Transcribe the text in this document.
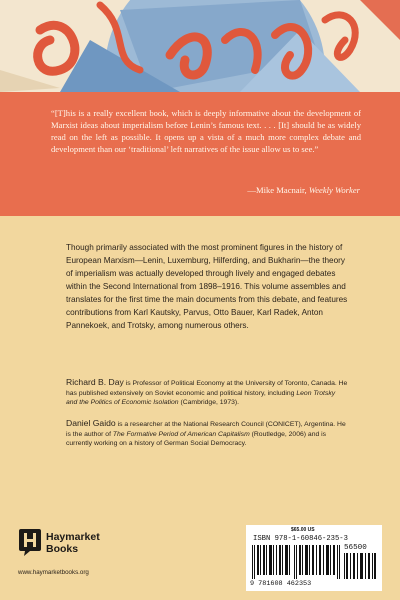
“[T]his is a really excellent book, which is deeply informative about the development of Marxist ideas about imperialism before Lenin’s famous text. . . . [It] should be as widely read on the left as possible. It opens up a vista of a much more complex debate and development than our ‘traditional’ left narratives of the issue allow us to see.”

—Mike Macnair, Weekly Worker

Though primarily associated with the most prominent figures in the history of European Marxism—Lenin, Luxemburg, Hilferding, and Bukharin—the theory of imperialism was actually developed through lively and engaged debates within the Second International from 1898–1916. This volume assembles and translates for the first time the main documents from this debate, and features contributions from Karl Kautsky, Parvus, Otto Bauer, Karl Radek, Anton Pannekoek, and Trotsky, among numerous others.

Richard B. Day is Professor of Political Economy at the University of Toronto, Canada. He has published extensively on Soviet economic and political history, including Leon Trotsky and the Politics of Economic Isolation (Cambridge, 1973).

Daniel Gaido is a researcher at the National Research Council (CONICET), Argentina. He is the author of The Formative Period of American Capitalism (Routledge, 2006) and is currently working on a history of German Social Democracy.

Haymarket
Books
www.haymarketbooks.org
$65.00 US
ISBN 978-1-60846-235-3
56500
9 781608 462353
